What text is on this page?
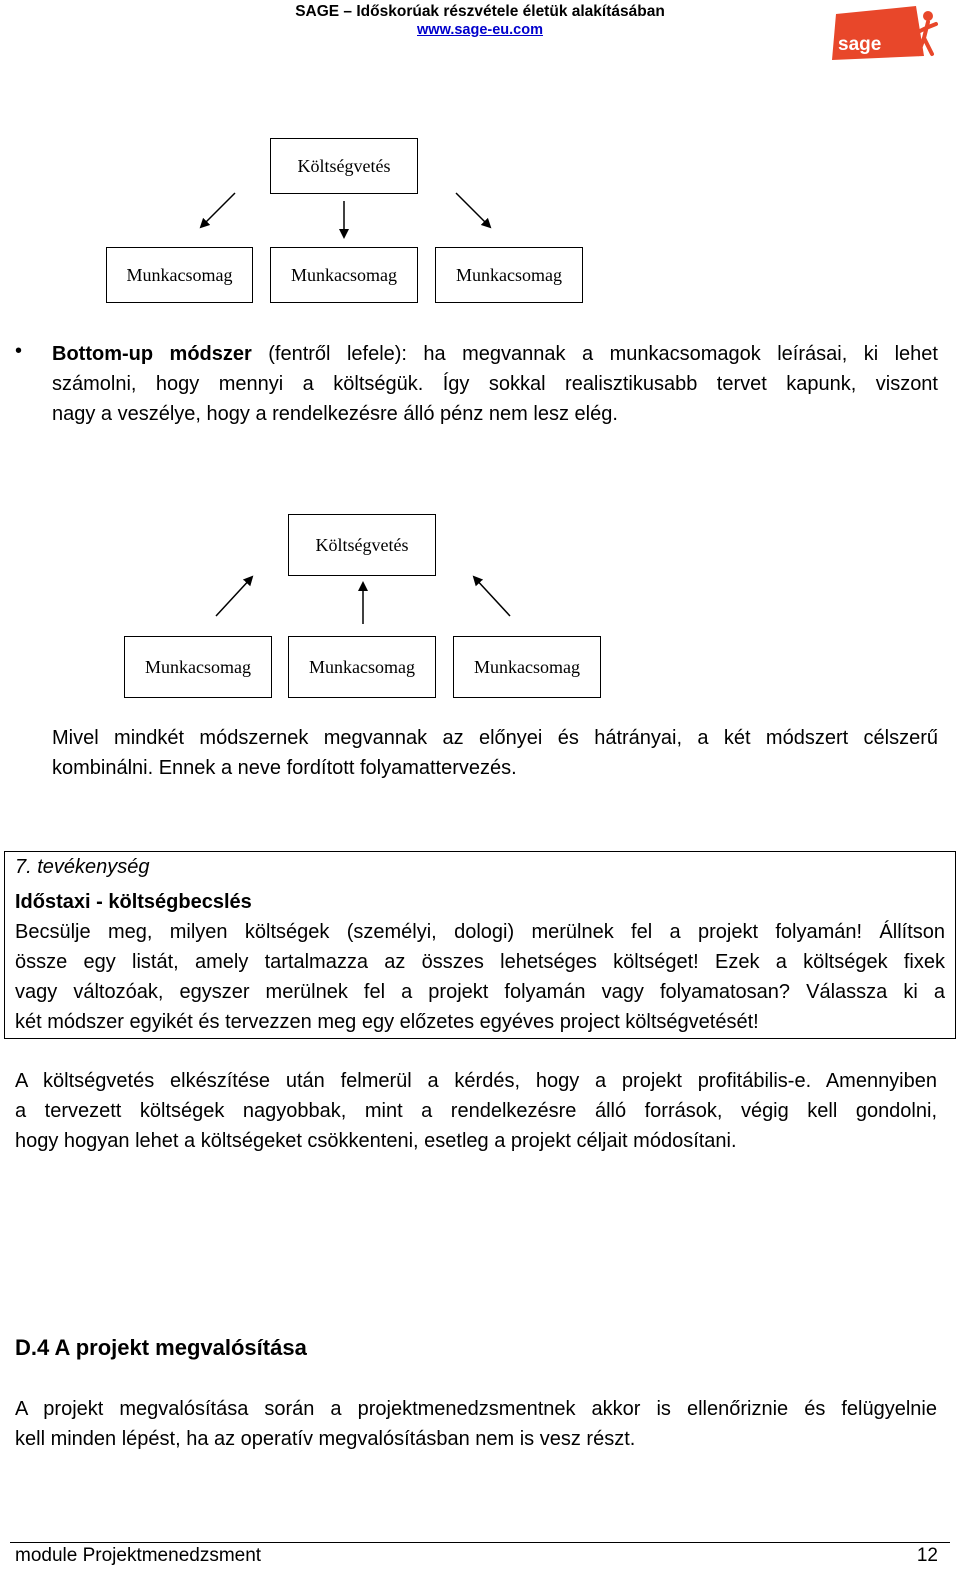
SAGE – Időskorúak részvétele életük alakításában
www.sage-eu.com
sage
Költségvetés
Munkacsomag	Munkacsomag	Munkacsomag
• Bottom-up módszer (fentről lefele): ha megvannak a munkacsomagok leírásai, ki lehet
számolni, hogy mennyi a költségük. Így sokkal realisztikusabb tervet kapunk, viszont
nagy a veszélye, hogy a rendelkezésre álló pénz nem lesz elég.
Költségvetés
Munkacsomag	Munkacsomag	Munkacsomag
Mivel mindkét módszernek megvannak az előnyei és hátrányai, a két módszert célszerű
kombinálni. Ennek a neve fordított folyamattervezés.
7. tevékenység
Időstaxi - költségbecslés
Becsülje meg, milyen költségek (személyi, dologi) merülnek fel a projekt folyamán! Állítson
össze egy listát, amely tartalmazza az összes lehetséges költséget! Ezek a költségek fixek
vagy változóak, egyszer merülnek fel a projekt folyamán vagy folyamatosan? Válassza ki a
két módszer egyikét és tervezzen meg egy előzetes egyéves project költségvetését!
A költségvetés elkészítése után felmerül a kérdés, hogy a projekt profitábilis-e. Amennyiben
a tervezett költségek nagyobbak, mint a rendelkezésre álló források, végig kell gondolni,
hogy hogyan lehet a költségeket csökkenteni, esetleg a projekt céljait módosítani.
D.4 A projekt megvalósítása
A projekt megvalósítása során a projektmenedzsmentnek akkor is ellenőriznie és felügyelnie
kell minden lépést, ha az operatív megvalósításban nem is vesz részt.
module Projektmenedzsment	12
